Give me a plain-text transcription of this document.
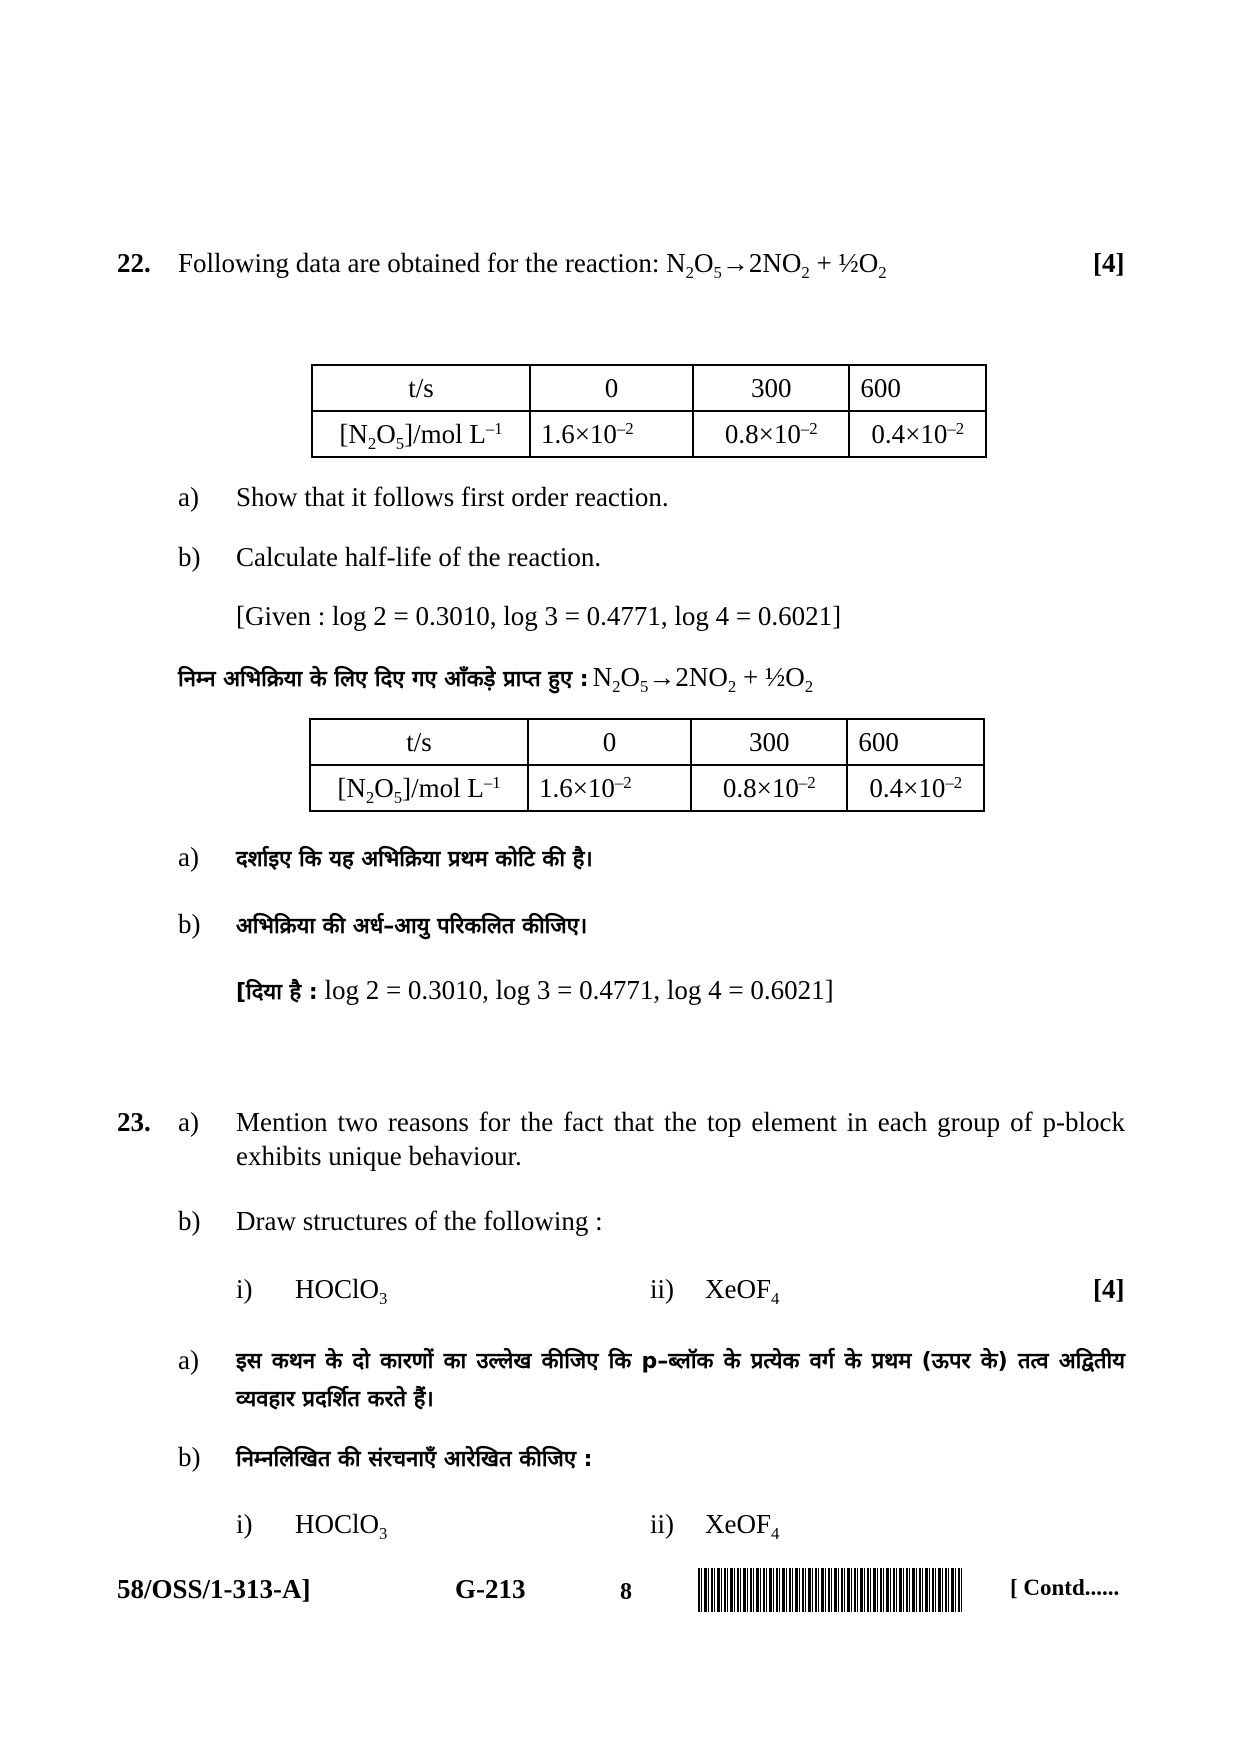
22. Following data are obtained for the reaction: $N_2O_5\to 2NO_2$ + $\frac{1}{2}O_2$	[4]
t/s	0	300	600
$[N_2O_5]$/mol $L^{-1}$	$1.6\times 10^{-2}$	$0.8\times 10^{-2}$	$0.4\times 10^{-2}$
a) Show that it follows first order reaction.
b) Calculate half-life of the reaction.
[Given : log 2 = 0.3010, log 3 = 0.4771, log 4 = 0.6021]
निम्न अभिक्रिया के लिए दिए गए आँकड़े प्राप्त हुए : $N_2O_5\to 2NO_2$ + $\frac{1}{2}O_2$
t/s	0	300	600
$[N_2O_5]$/mol $L^{-1}$	$1.6\times 10^{-2}$	$0.8\times 10^{-2}$	$0.4\times 10^{-2}$
a) दर्शाइए कि यह अभिक्रिया प्रथम कोटि की है।
b) अभिक्रिया की अर्ध–आयु परिकलित कीजिए।
[दिया है : log 2 = 0.3010, log 3 = 0.4771, log 4 = 0.6021]
23. a) Mention two reasons for the fact that the top element in each group of p-block exhibits unique behaviour.
b) Draw structures of the following :
i) HOClO$_3$	ii) XeOF$_4$	[4]
a) इस कथन के दो कारणों का उल्लेख कीजिए कि p–ब्लॉक के प्रत्येक वर्ग के प्रथम (ऊपर के) तत्व अद्वितीय व्यवहार प्रदर्शित करते हैं।
b) निम्नलिखित की संरचनाएँ आरेखित कीजिए :
i) HOClO$_3$	ii) XeOF$_4$
58/OSS/1-313-A]	G-213	8	[ Contd......
